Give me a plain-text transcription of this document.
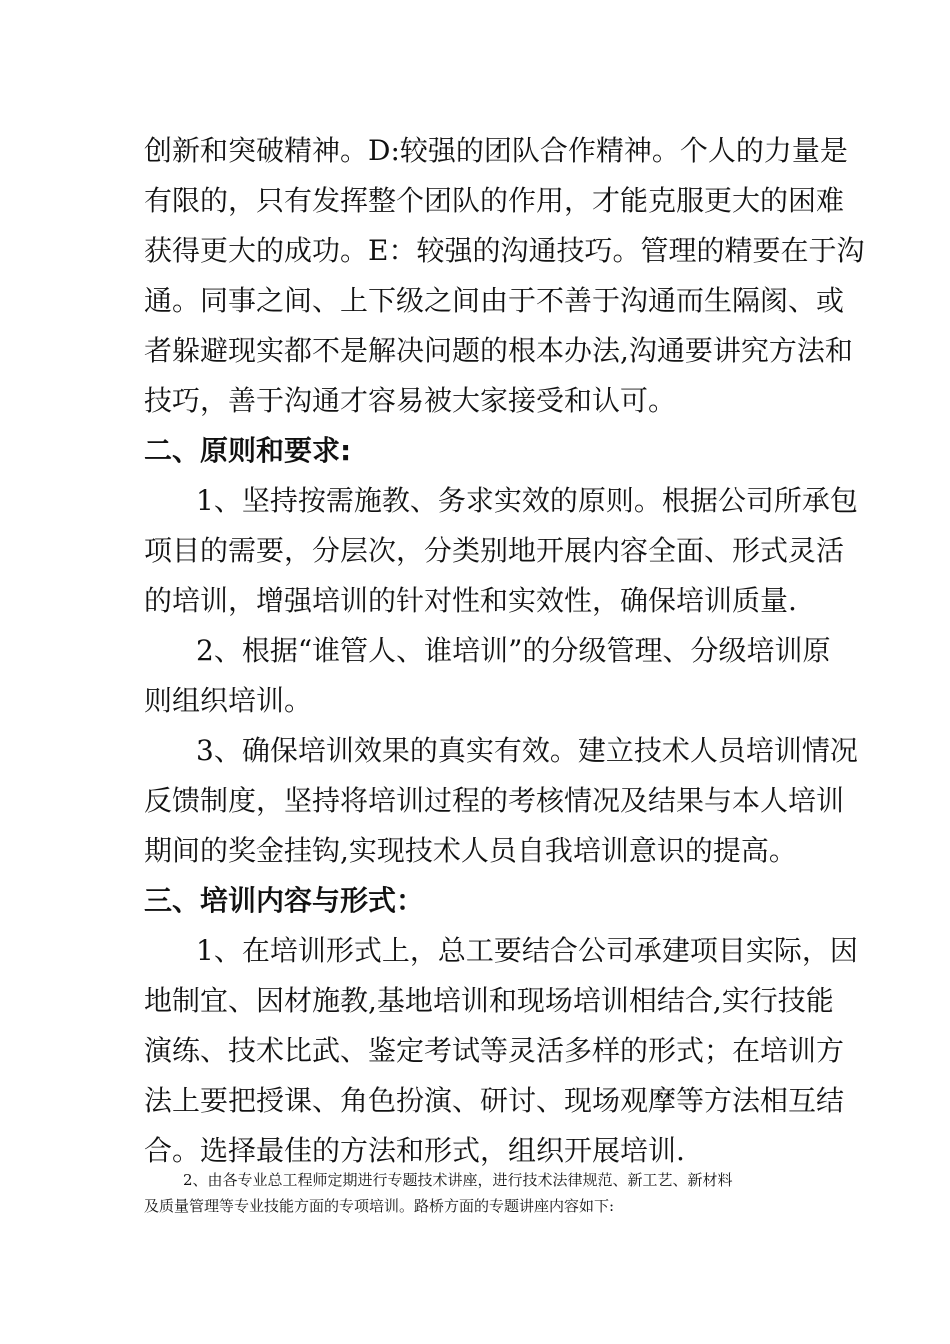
创新和突破精神。D:较强的团队合作精神。个人的力量是
有限的，只有发挥整个团队的作用，才能克服更大的困难
获得更大的成功。E：较强的沟通技巧。管理的精要在于沟
通。同事之间、上下级之间由于不善于沟通而生隔阂、或
者躲避现实都不是解决问题的根本办法,沟通要讲究方法和
技巧，善于沟通才容易被大家接受和认可。
二、原则和要求:
1、坚持按需施教、务求实效的原则。根据公司所承包
项目的需要，分层次，分类别地开展内容全面、形式灵活
的培训，增强培训的针对性和实效性，确保培训质量.
2、根据“谁管人、谁培训”的分级管理、分级培训原
则组织培训。
3、确保培训效果的真实有效。建立技术人员培训情况
反馈制度，坚持将培训过程的考核情况及结果与本人培训
期间的奖金挂钩,实现技术人员自我培训意识的提高。
三、培训内容与形式：
1、在培训形式上，总工要结合公司承建项目实际，因
地制宜、因材施教,基地培训和现场培训相结合,实行技能
演练、技术比武、鉴定考试等灵活多样的形式；在培训方
法上要把授课、角色扮演、研讨、现场观摩等方法相互结
合。选择最佳的方法和形式，组织开展培训.
2、由各专业总工程师定期进行专题技术讲座，进行技术法律规范、新工艺、新材料
及质量管理等专业技能方面的专项培训。路桥方面的专题讲座内容如下:
